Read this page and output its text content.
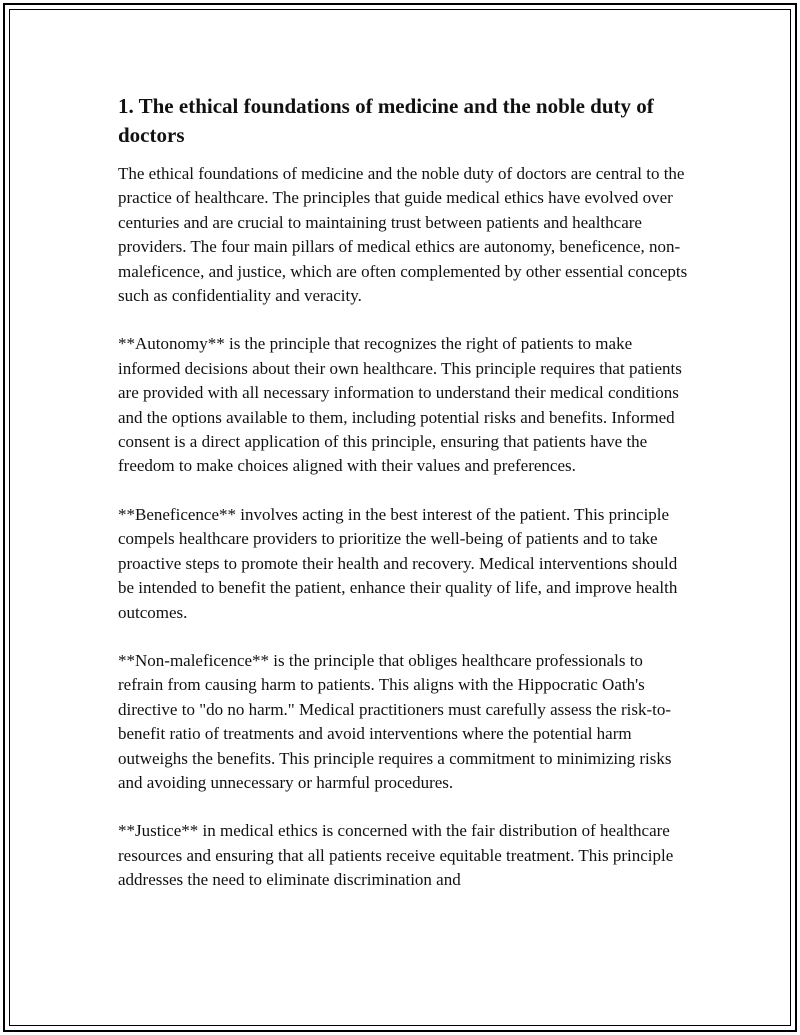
1. The ethical foundations of medicine and the noble duty of doctors

The ethical foundations of medicine and the noble duty of doctors are central to the practice of healthcare. The principles that guide medical ethics have evolved over centuries and are crucial to maintaining trust between patients and healthcare providers. The four main pillars of medical ethics are autonomy, beneficence, non-maleficence, and justice, which are often complemented by other essential concepts such as confidentiality and veracity.

**Autonomy** is the principle that recognizes the right of patients to make informed decisions about their own healthcare. This principle requires that patients are provided with all necessary information to understand their medical conditions and the options available to them, including potential risks and benefits. Informed consent is a direct application of this principle, ensuring that patients have the freedom to make choices aligned with their values and preferences.

**Beneficence** involves acting in the best interest of the patient. This principle compels healthcare providers to prioritize the well-being of patients and to take proactive steps to promote their health and recovery. Medical interventions should be intended to benefit the patient, enhance their quality of life, and improve health outcomes.

**Non-maleficence** is the principle that obliges healthcare professionals to refrain from causing harm to patients. This aligns with the Hippocratic Oath's directive to "do no harm." Medical practitioners must carefully assess the risk-to-benefit ratio of treatments and avoid interventions where the potential harm outweighs the benefits. This principle requires a commitment to minimizing risks and avoiding unnecessary or harmful procedures.

**Justice** in medical ethics is concerned with the fair distribution of healthcare resources and ensuring that all patients receive equitable treatment. This principle addresses the need to eliminate discrimination and
